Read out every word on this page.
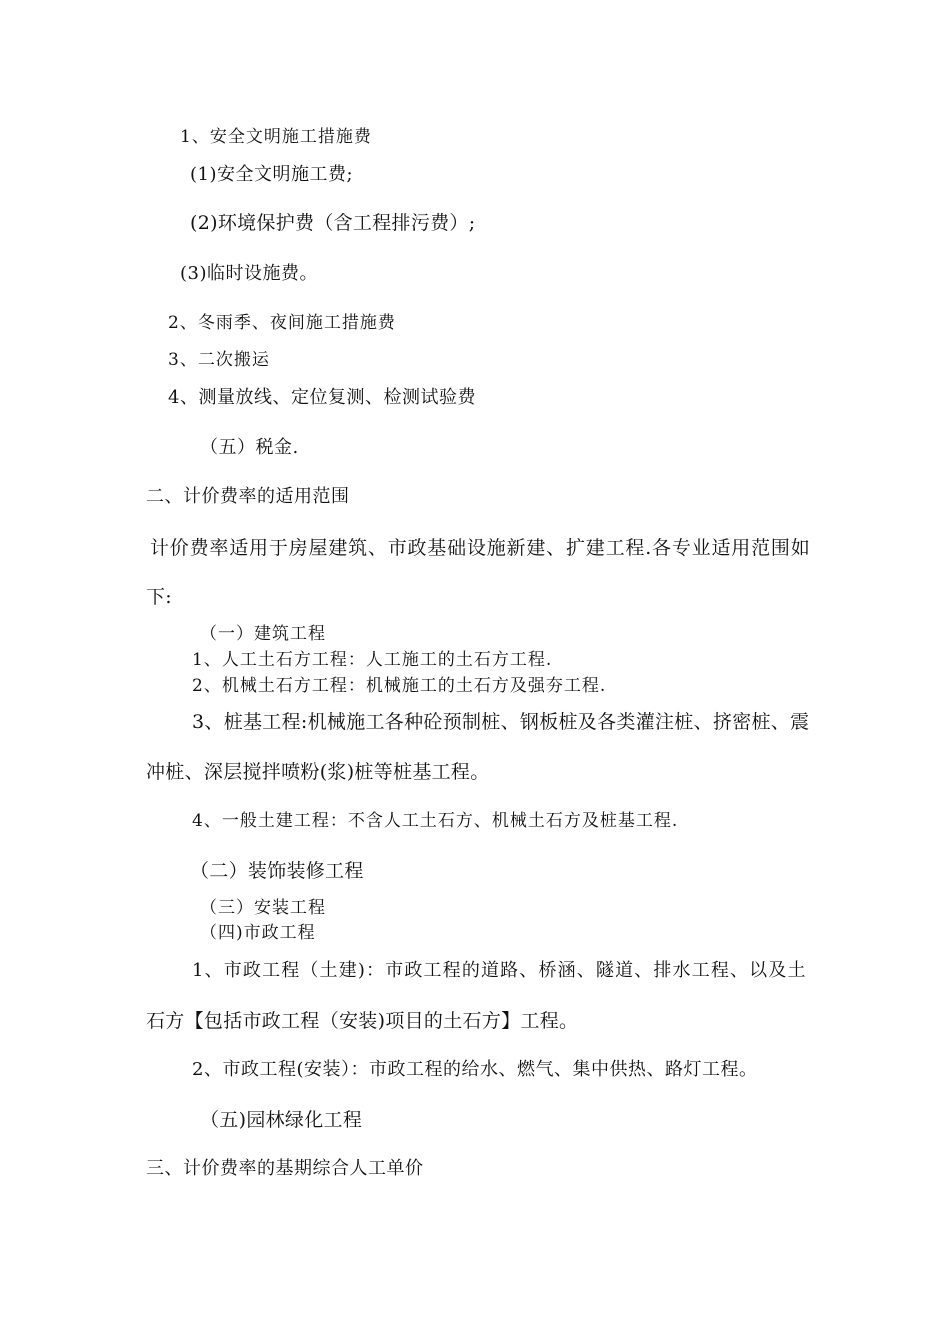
1、安全文明施工措施费
(1)安全文明施工费;
(2)环境保护费（含工程排污费）;
(3)临时设施费。
2、冬雨季、夜间施工措施费
3、二次搬运
4、测量放线、定位复测、检测试验费
（五）税金.
二、计价费率的适用范围
计价费率适用于房屋建筑、市政基础设施新建、扩建工程.各专业适用范围如
下:
（一）建筑工程
1、人工土石方工程：人工施工的土石方工程.
2、机械土石方工程：机械施工的土石方及强夯工程.
3、桩基工程:机械施工各种砼预制桩、钢板桩及各类灌注桩、挤密桩、震
冲桩、深层搅拌喷粉(浆)桩等桩基工程。
4、一般土建工程：不含人工土石方、机械土石方及桩基工程.
（二）装饰装修工程
（三）安装工程
（四)市政工程
1、市政工程（土建)：市政工程的道路、桥涵、隧道、排水工程、以及土
石方【包括市政工程（安装)项目的土石方】工程。
2、市政工程(安装）：市政工程的给水、燃气、集中供热、路灯工程。
（五)园林绿化工程
三、计价费率的基期综合人工单价
